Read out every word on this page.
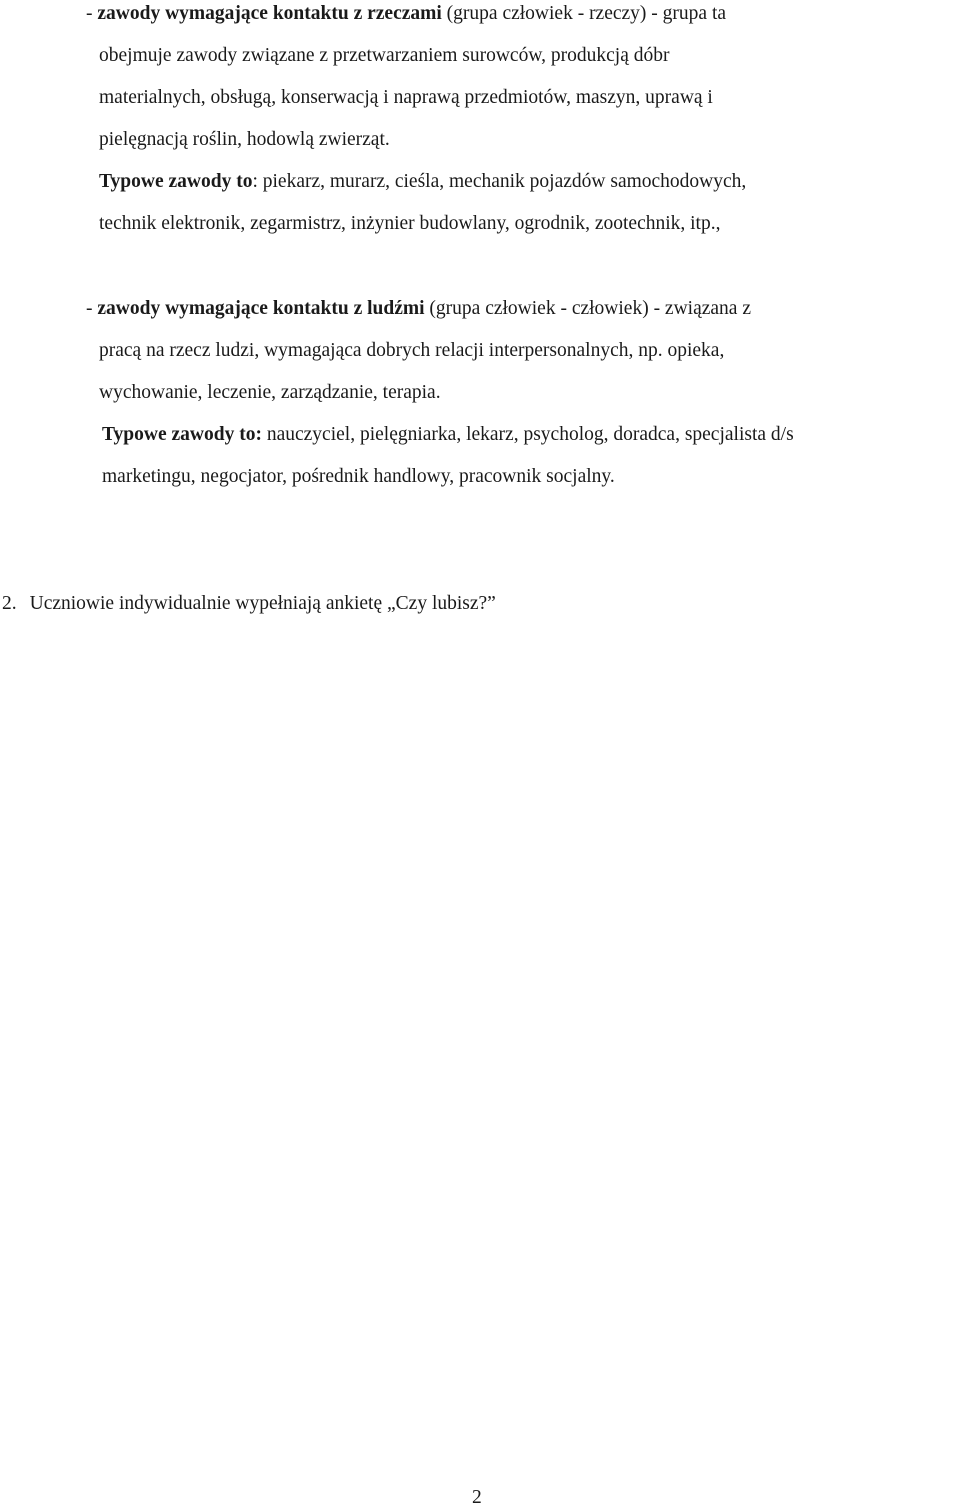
- zawody wymagające kontaktu z rzeczami (grupa człowiek - rzeczy) - grupa ta
obejmuje zawody związane z przetwarzaniem surowców, produkcją dóbr
materialnych, obsługą, konserwacją i naprawą przedmiotów, maszyn, uprawą i
pielęgnacją roślin, hodowlą zwierząt.
Typowe zawody to: piekarz, murarz, cieśla, mechanik pojazdów samochodowych,
technik elektronik, zegarmistrz, inżynier budowlany, ogrodnik, zootechnik, itp.,
- zawody wymagające kontaktu z ludźmi (grupa człowiek - człowiek) - związana z
pracą na rzecz ludzi, wymagająca dobrych relacji interpersonalnych, np. opieka,
wychowanie, leczenie, zarządzanie, terapia.
Typowe zawody to: nauczyciel, pielęgniarka, lekarz, psycholog, doradca, specjalista d/s
marketingu, negocjator, pośrednik handlowy, pracownik socjalny.
2. Uczniowie indywidualnie wypełniają ankietę „Czy lubisz?”
2
